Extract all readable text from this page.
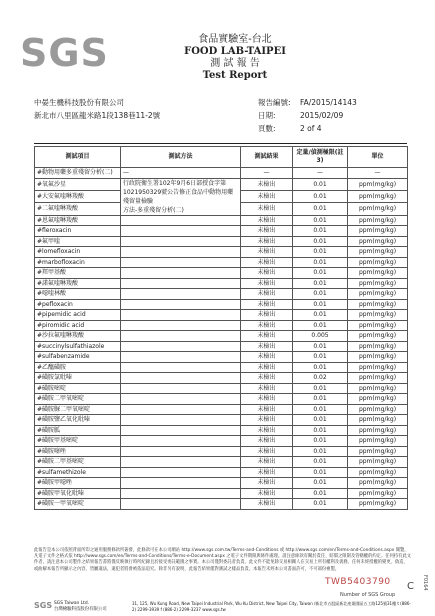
SGS	食品實驗室-台北
FOOD LAB-TAIPEI
測 試 報 告
Test Report
中晏生機科技股份有限公司
新北市八里區龍米路1段138巷11-2號
報告編號: FA/2015/14143
日期:	2015/02/09
頁數:	2 of 4
測試項目	測試方法	測試結果	定量/偵測極限(註3)	單位
#動物用藥多重殘留分析(二)	—	—	—	—
#氧氟沙星	行政院衛生署102年9月6日部授食字第
1021950329號公告修正食品中動物用藥殘留量檢驗
方法-多重殘留分析(二)	未檢出	0.01	ppm(mg/kg)
#大安氟喹啉羧酸		未檢出	0.01	ppm(mg/kg)
#二氟喹啉羧酸		未檢出	0.01	ppm(mg/kg)
#恩氟喹啉羧酸		未檢出	0.01	ppm(mg/kg)
#fleroxacin		未檢出	0.01	ppm(mg/kg)
#氟甲喹		未檢出	0.01	ppm(mg/kg)
#lomefloxacin		未檢出	0.01	ppm(mg/kg)
#marbofloxacin		未檢出	0.01	ppm(mg/kg)
#羥甲基酸		未檢出	0.01	ppm(mg/kg)
#諾氟喹啉羧酸		未檢出	0.01	ppm(mg/kg)
#噁喹林酸		未檢出	0.01	ppm(mg/kg)
#pefloxacin		未檢出	0.01	ppm(mg/kg)
#pipemidic acid		未檢出	0.01	ppm(mg/kg)
#piromidic acid		未檢出	0.01	ppm(mg/kg)
#沙拉氟喹啉羧酸		未檢出	0.005	ppm(mg/kg)
#succinylsulfathiazole		未檢出	0.01	ppm(mg/kg)
#sulfabenzamide		未檢出	0.01	ppm(mg/kg)
#乙醯磺胺		未檢出	0.01	ppm(mg/kg)
#磺胺氯吡嗪		未檢出	0.02	ppm(mg/kg)
#磺胺嘧啶		未檢出	0.01	ppm(mg/kg)
#磺胺二甲氧嘧啶		未檢出	0.01	ppm(mg/kg)
#磺胺脲二甲氧嘧啶		未檢出	0.01	ppm(mg/kg)
#磺胺鹽乙氧化吡嗪		未檢出	0.01	ppm(mg/kg)
#磺胺胍		未檢出	0.01	ppm(mg/kg)
#磺胺甲基嘧啶		未檢出	0.01	ppm(mg/kg)
#磺胺噻唑		未檢出	0.01	ppm(mg/kg)
#磺胺二甲基嘧啶		未檢出	0.01	ppm(mg/kg)
#sulfamethizole		未檢出	0.01	ppm(mg/kg)
#磺胺甲噁唑		未檢出	0.01	ppm(mg/kg)
#磺胺甲氧化吡嗪		未檢出	0.01	ppm(mg/kg)
#磺胺一甲氧嘧啶		未檢出	0.01	ppm(mg/kg)
此報告是本公司依照背面所印之通用服務條款所簽發，此條款可在本公司網站 http://www.sgs.com.tw/Terms-and-Conditions 或 http://www.sgs.com/en/Terms-and-Conditions.aspx 閱覽，凡電子文件之格式依 http://www.sgs.com/en/Terms-and-Conditions/Terms-e-Document.aspx 之電子文件期限與條件處理。請注意條款有關於責任、賠償之限制及管轄權的約定。任何持有此文件者，請注意本公司製作之結果報告書將僅反映執行時所紀錄且於接受委託範圍之事實。本公司僅對委託者負責，此文件不能免除交易相關人在交易上所有權利及義務。任何未經授權的變更、偽造、或曲解本報告所顯示之內容，皆屬違法，違犯者將會被依法追究。除非另有說明，此報告結果僅對測試之樣品負責。本報告未經本公司書面許可，不可部份複製。
TWB5403790
Number of SGS Group
C F0164
SGS SGS Taiwan Ltd.
台灣檢驗科技股份有限公司
31, 125, Wu Kung Road, New Taipei Industrial Park, Wu Ku District, New Taipei City, Taiwan /新北市五股區新北產業園區五工路125號31樓 t (886-2) 2299-3939 f (886-2) 2299-3237 www.sgs.tw
